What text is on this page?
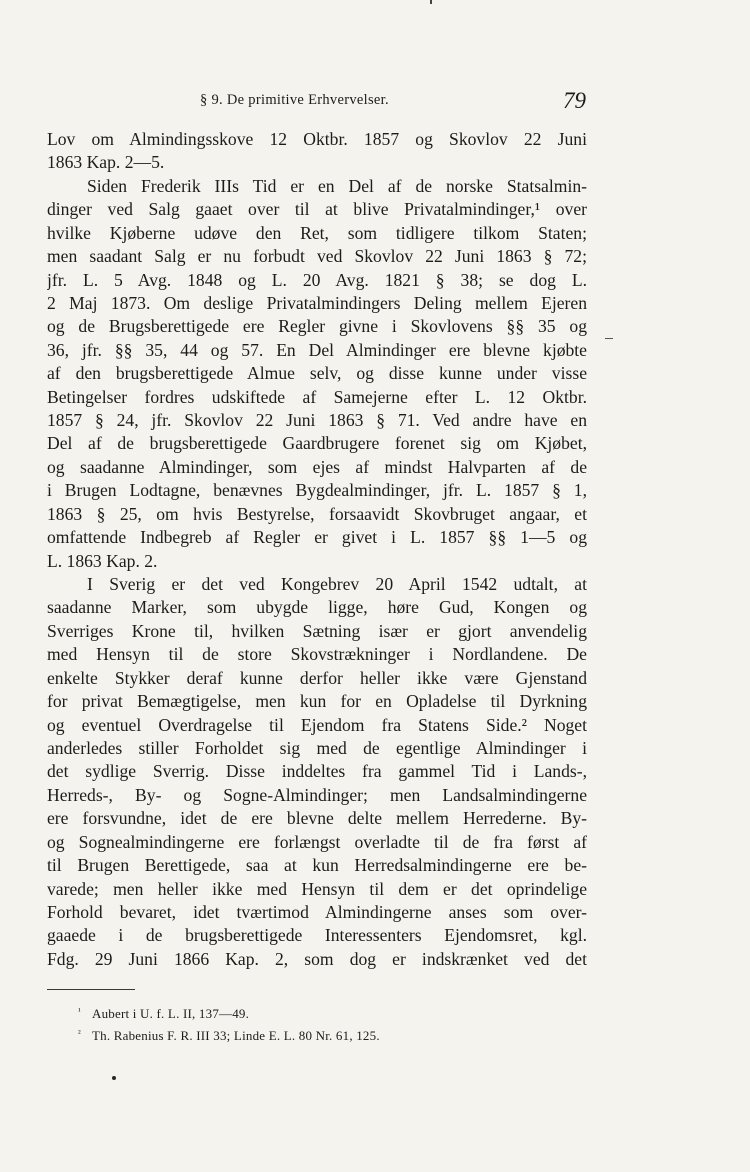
§ 9. De primitive Erhvervelser.	79
Lov om Almindingsskove 12 Oktbr. 1857 og Skovlov 22 Juni
1863 Kap. 2—5.
Siden Frederik IIIs Tid er en Del af de norske Statsalmin-
dinger ved Salg gaaet over til at blive Privatalmindinger,¹ over
hvilke Kjøberne udøve den Ret, som tidligere tilkom Staten;
men saadant Salg er nu forbudt ved Skovlov 22 Juni 1863 § 72;
jfr. L. 5 Avg. 1848 og L. 20 Avg. 1821 § 38; se dog L.
2 Maj 1873. Om deslige Privatalmindingers Deling mellem Ejeren
og de Brugsberettigede ere Regler givne i Skovlovens §§ 35 og
36, jfr. §§ 35, 44 og 57. En Del Almindinger ere blevne kjøbte
af den brugsberettigede Almue selv, og disse kunne under visse
Betingelser fordres udskiftede af Samejerne efter L. 12 Oktbr.
1857 § 24, jfr. Skovlov 22 Juni 1863 § 71. Ved andre have en
Del af de brugsberettigede Gaardbrugere forenet sig om Kjøbet,
og saadanne Almindinger, som ejes af mindst Halvparten af de
i Brugen Lodtagne, benævnes Bygdealmindinger, jfr. L. 1857 § 1,
1863 § 25, om hvis Bestyrelse, forsaavidt Skovbruget angaar, et
omfattende Indbegreb af Regler er givet i L. 1857 §§ 1—5 og
L. 1863 Kap. 2.
I Sverig er det ved Kongebrev 20 April 1542 udtalt, at
saadanne Marker, som ubygde ligge, høre Gud, Kongen og
Sverriges Krone til, hvilken Sætning især er gjort anvendelig
med Hensyn til de store Skovstrækninger i Nordlandene. De
enkelte Stykker deraf kunne derfor heller ikke være Gjenstand
for privat Bemægtigelse, men kun for en Opladelse til Dyrkning
og eventuel Overdragelse til Ejendom fra Statens Side.² Noget
anderledes stiller Forholdet sig med de egentlige Almindinger i
det sydlige Sverrig. Disse inddeltes fra gammel Tid i Lands-,
Herreds-, By- og Sogne-Almindinger; men Landsalmindingerne
ere forsvundne, idet de ere blevne delte mellem Herrederne. By-
og Sognealmindingerne ere forlængst overladte til de fra først af
til Brugen Berettigede, saa at kun Herredsalmindingerne ere be-
varede; men heller ikke med Hensyn til dem er det oprindelige
Forhold bevaret, idet tværtimod Almindingerne anses som over-
gaaede i de brugsberettigede Interessenters Ejendomsret, kgl.
Fdg. 29 Juni 1866 Kap. 2, som dog er indskrænket ved det
¹ Aubert i U. f. L. II, 137—49.
² Th. Rabenius F. R. III 33; Linde E. L. 80 Nr. 61, 125.
